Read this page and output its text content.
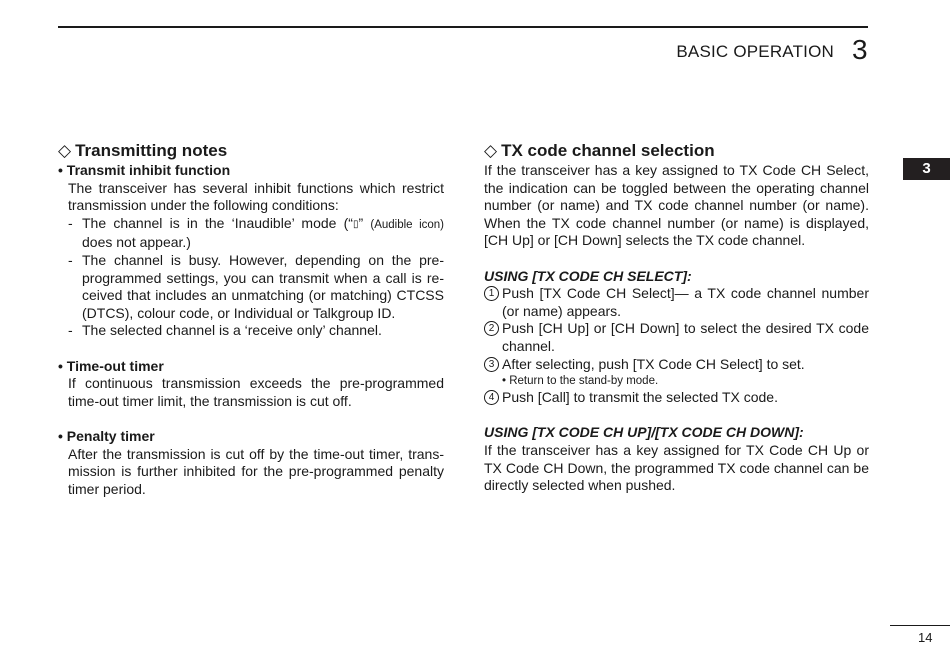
BASIC OPERATION 3
3
◇ Transmitting notes
• Transmit inhibit function
The transceiver has several inhibit functions which restrict transmission under the following conditions:
- The channel is in the ‘Inaudible’ mode (“▯” (Audible icon) does not appear.)
- The channel is busy. However, depending on the pre-programmed settings, you can transmit when a call is re-ceived that includes an unmatching (or matching) CTCSS (DTCS), colour code, or Individual or Talkgroup ID.
- The selected channel is a ‘receive only’ channel.
• Time-out timer
If continuous transmission exceeds the pre-programmed time-out timer limit, the transmission is cut off.
• Penalty timer
After the transmission is cut off by the time-out timer, trans-mission is further inhibited for the pre-programmed penalty timer period.
◇ TX code channel selection

If the transceiver has a key assigned to TX Code CH Select, the indication can be toggled between the operating channel number (or name) and TX code channel number (or name). When the TX code channel number (or name) is displayed, [CH Up] or [CH Down] selects the TX code channel.

USING [TX CODE CH SELECT]:
1 Push [TX Code CH Select]— a TX code channel number (or name) appears.
2 Push [CH Up] or [CH Down] to select the desired TX code channel.
3 After selecting, push [TX Code CH Select] to set.
• Return to the stand-by mode.
4 Push [Call] to transmit the selected TX code.
USING [TX CODE CH UP]/[TX CODE CH DOWN]:

If the transceiver has a key assigned for TX Code CH Up or TX Code CH Down, the programmed TX code channel can be directly selected when pushed.

14
